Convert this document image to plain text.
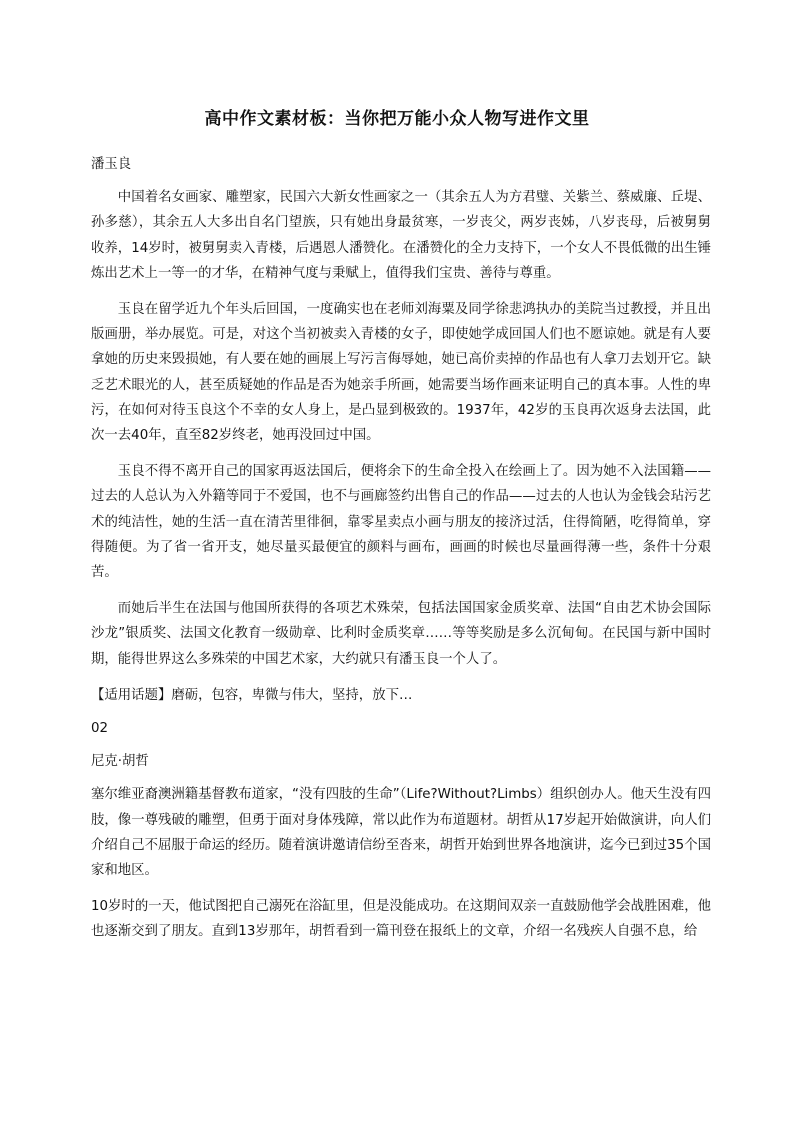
高中作文素材板：当你把万能小众人物写进作文里

潘玉良

中国着名女画家、雕塑家，民国六大新女性画家之一（其余五人为方君璧、关紫兰、蔡威廉、丘堤、孙多慈），其余五人大多出自名门望族，只有她出身最贫寒，一岁丧父，两岁丧姊，八岁丧母，后被舅舅收养，14岁时，被舅舅卖入青楼，后遇恩人潘赞化。在潘赞化的全力支持下，一个女人不畏低微的出生锤炼出艺术上一等一的才华，在精神气度与秉赋上，值得我们宝贵、善待与尊重。

玉良在留学近九个年头后回国，一度确实也在老师刘海粟及同学徐悲鸿执办的美院当过教授，并且出版画册，举办展览。可是，对这个当初被卖入青楼的女子，即使她学成回国人们也不愿谅她。就是有人要拿她的历史来毁损她，有人要在她的画展上写污言侮辱她，她已高价卖掉的作品也有人拿刀去划开它。缺乏艺术眼光的人，甚至质疑她的作品是否为她亲手所画，她需要当场作画来证明自己的真本事。人性的卑污，在如何对待玉良这个不幸的女人身上，是凸显到极致的。1937年，42岁的玉良再次返身去法国，此次一去40年，直至82岁终老，她再没回过中国。

玉良不得不离开自己的国家再返法国后，便将余下的生命全投入在绘画上了。因为她不入法国籍——过去的人总认为入外籍等同于不爱国，也不与画廊签约出售自己的作品——过去的人也认为金钱会玷污艺术的纯洁性，她的生活一直在清苦里徘徊，靠零星卖点小画与朋友的接济过活，住得简陋，吃得简单，穿得随便。为了省一省开支，她尽量买最便宜的颜料与画布，画画的时候也尽量画得薄一些，条件十分艰苦。

而她后半生在法国与他国所获得的各项艺术殊荣，包括法国国家金质奖章、法国“自由艺术协会国际沙龙”银质奖、法国文化教育一级勋章、比利时金质奖章……等等奖励是多么沉甸甸。在民国与新中国时期，能得世界这么多殊荣的中国艺术家，大约就只有潘玉良一个人了。

【适用话题】磨砺，包容，卑微与伟大，坚持，放下…

02

尼克·胡哲

塞尔维亚裔澳洲籍基督教布道家，“没有四肢的生命”（Life?Without?Limbs）组织创办人。他天生没有四肢，像一尊残破的雕塑，但勇于面对身体残障，常以此作为布道题材。胡哲从17岁起开始做演讲，向人们介绍自己不屈服于命运的经历。随着演讲邀请信纷至沓来，胡哲开始到世界各地演讲，迄今已到过35个国家和地区。

10岁时的一天，他试图把自己溺死在浴缸里，但是没能成功。在这期间双亲一直鼓励他学会战胜困难，他也逐渐交到了朋友。直到13岁那年，胡哲看到一篇刊登在报纸上的文章，介绍一名残疾人自强不息，给
